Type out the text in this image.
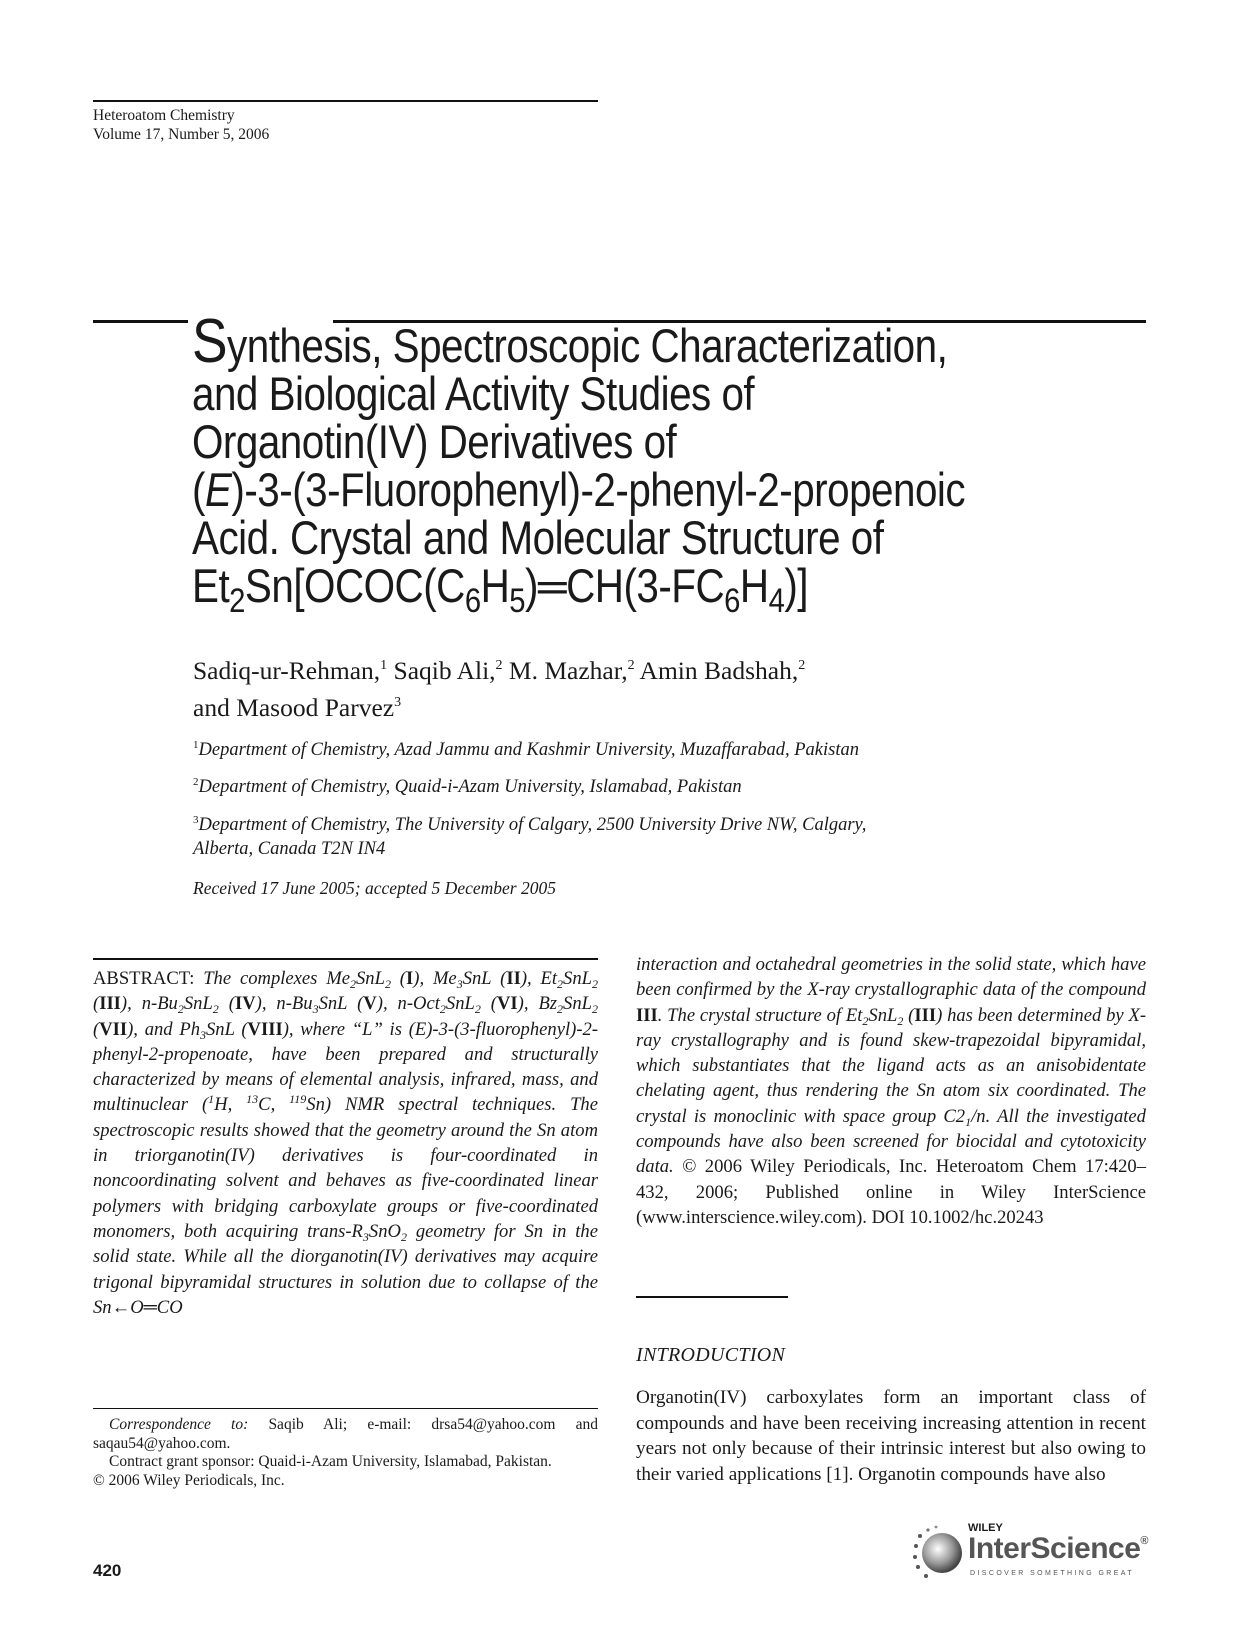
Heteroatom Chemistry
Volume 17, Number 5, 2006
Synthesis, Spectroscopic Characterization,
and Biological Activity Studies of
Organotin(IV) Derivatives of
(E)-3-(3-Fluorophenyl)-2-phenyl-2-propenoic
Acid. Crystal and Molecular Structure of
$Et_2Sn[OCOC(C_6H_5)═CH(3-FC_6H_4)]$
Sadiq-ur-Rehman,$^1$ Saqib Ali,$^2$ M. Mazhar,$^2$ Amin Badshah,$^2$
and Masood Parvez$^3$
$^1$Department of Chemistry, Azad Jammu and Kashmir University, Muzaffarabad, Pakistan
$^2$Department of Chemistry, Quaid-i-Azam University, Islamabad, Pakistan
$^3$Department of Chemistry, The University of Calgary, 2500 University Drive NW, Calgary,
Alberta, Canada T2N IN4
Received 17 June 2005; accepted 5 December 2005
ABSTRACT: The complexes $Me_2SnL_2$ (I), $Me_3SnL$ (II), $Et_2SnL_2$ (III), $n-Bu_2SnL_2$ (IV), $n-Bu_3SnL$ (V), n-Oct$_2$SnL$_2$ (VI), $Bz_2SnL_2$ (VII), and $Ph_3SnL$ (VIII), where “L” is (E)-3-(3-fluorophenyl)-2-phenyl-2-propenoate, have been prepared and structurally characterized by means of elemental analysis, infrared, mass, and multinuclear ($^1$H, $^{13}$C, $^{119}$Sn) NMR spectral techniques. The spectroscopic results showed that the geometry around the Sn atom in triorganotin(IV) derivatives is four-coordinated in noncoordinating solvent and behaves as five-coordinated linear polymers with bridging carboxylate groups or five-coordinated monomers, both acquiring trans-$R_3SnO_2$ geometry for Sn in the solid state. While all the diorganotin(IV) derivatives may acquire trigonal bipyramidal structures in solution due to collapse of the Sn←O═CO
interaction and octahedral geometries in the solid state, which have been confirmed by the X-ray crystallographic data of the compound III. The crystal structure of $Et_2SnL_2$ (III) has been determined by X-ray crystallography and is found skew-trapezoidal bipyramidal, which substantiates that the ligand acts as an anisobidentate chelating agent, thus rendering the Sn atom six coordinated. The crystal is monoclinic with space group $C2_1/n$. All the investigated compounds have also been screened for biocidal and cytotoxicity data. © 2006 Wiley Periodicals, Inc. Heteroatom Chem 17:420–432, 2006; Published online in Wiley InterScience (www.interscience.wiley.com). DOI 10.1002/hc.20243
INTRODUCTION
Organotin(IV) carboxylates form an important class of compounds and have been receiving increasing attention in recent years not only because of their intrinsic interest but also owing to their varied applications [1]. Organotin compounds have also
Correspondence to: Saqib Ali; e-mail: drsa54@yahoo.com and saqau54@yahoo.com.
Contract grant sponsor: Quaid-i-Azam University, Islamabad, Pakistan.
© 2006 Wiley Periodicals, Inc.
420
WILEY
InterScience®
DISCOVER SOMETHING GREAT
